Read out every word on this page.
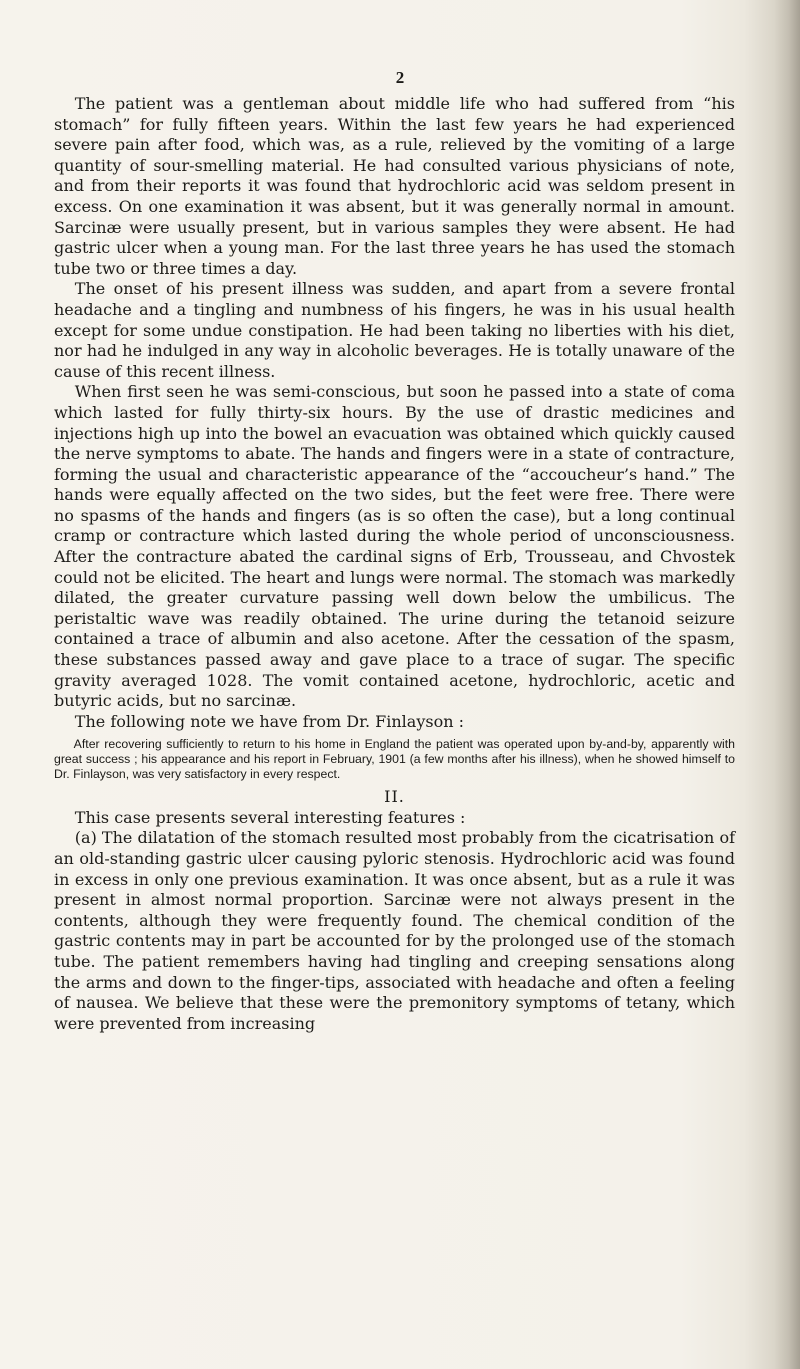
2

The patient was a gentleman about middle life who had suffered from “his stomach” for fully fifteen years. Within the last few years he had experienced severe pain after food, which was, as a rule, relieved by the vomiting of a large quantity of sour-smelling material. He had consulted various physicians of note, and from their reports it was found that hydrochloric acid was seldom present in excess. On one examination it was absent, but it was generally normal in amount. Sarcinæ were usually present, but in various samples they were absent. He had gastric ulcer when a young man. For the last three years he has used the stomach tube two or three times a day.

The onset of his present illness was sudden, and apart from a severe frontal headache and a tingling and numbness of his fingers, he was in his usual health except for some undue constipation. He had been taking no liberties with his diet, nor had he indulged in any way in alcoholic beverages. He is totally unaware of the cause of this recent illness.

When first seen he was semi-conscious, but soon he passed into a state of coma which lasted for fully thirty-six hours. By the use of drastic medicines and injections high up into the bowel an evacuation was obtained which quickly caused the nerve symptoms to abate. The hands and fingers were in a state of contracture, forming the usual and characteristic appearance of the “accoucheur’s hand.” The hands were equally affected on the two sides, but the feet were free. There were no spasms of the hands and fingers (as is so often the case), but a long continual cramp or contracture which lasted during the whole period of unconsciousness. After the contracture abated the cardinal signs of Erb, Trousseau, and Chvostek could not be elicited. The heart and lungs were normal. The stomach was markedly dilated, the greater curvature passing well down below the umbilicus. The peristaltic wave was readily obtained. The urine during the tetanoid seizure contained a trace of albumin and also acetone. After the cessation of the spasm, these substances passed away and gave place to a trace of sugar. The specific gravity averaged 1028. The vomit contained acetone, hydrochloric, acetic and butyric acids, but no sarcinæ.

The following note we have from Dr. Finlayson :

After recovering sufficiently to return to his home in England the patient was operated upon by-and-by, apparently with great success ; his appearance and his report in February, 1901 (a few months after his illness), when he showed himself to Dr. Finlayson, was very satisfactory in every respect.

II.

This case presents several interesting features :

(a) The dilatation of the stomach resulted most probably from the cicatrisation of an old-standing gastric ulcer causing pyloric stenosis. Hydrochloric acid was found in excess in only one previous examination. It was once absent, but as a rule it was present in almost normal proportion. Sarcinæ were not always present in the contents, although they were frequently found. The chemical condition of the gastric contents may in part be accounted for by the prolonged use of the stomach tube. The patient remembers having had tingling and creeping sensations along the arms and down to the finger-tips, associated with headache and often a feeling of nausea. We believe that these were the premonitory symptoms of tetany, which were prevented from increasing
